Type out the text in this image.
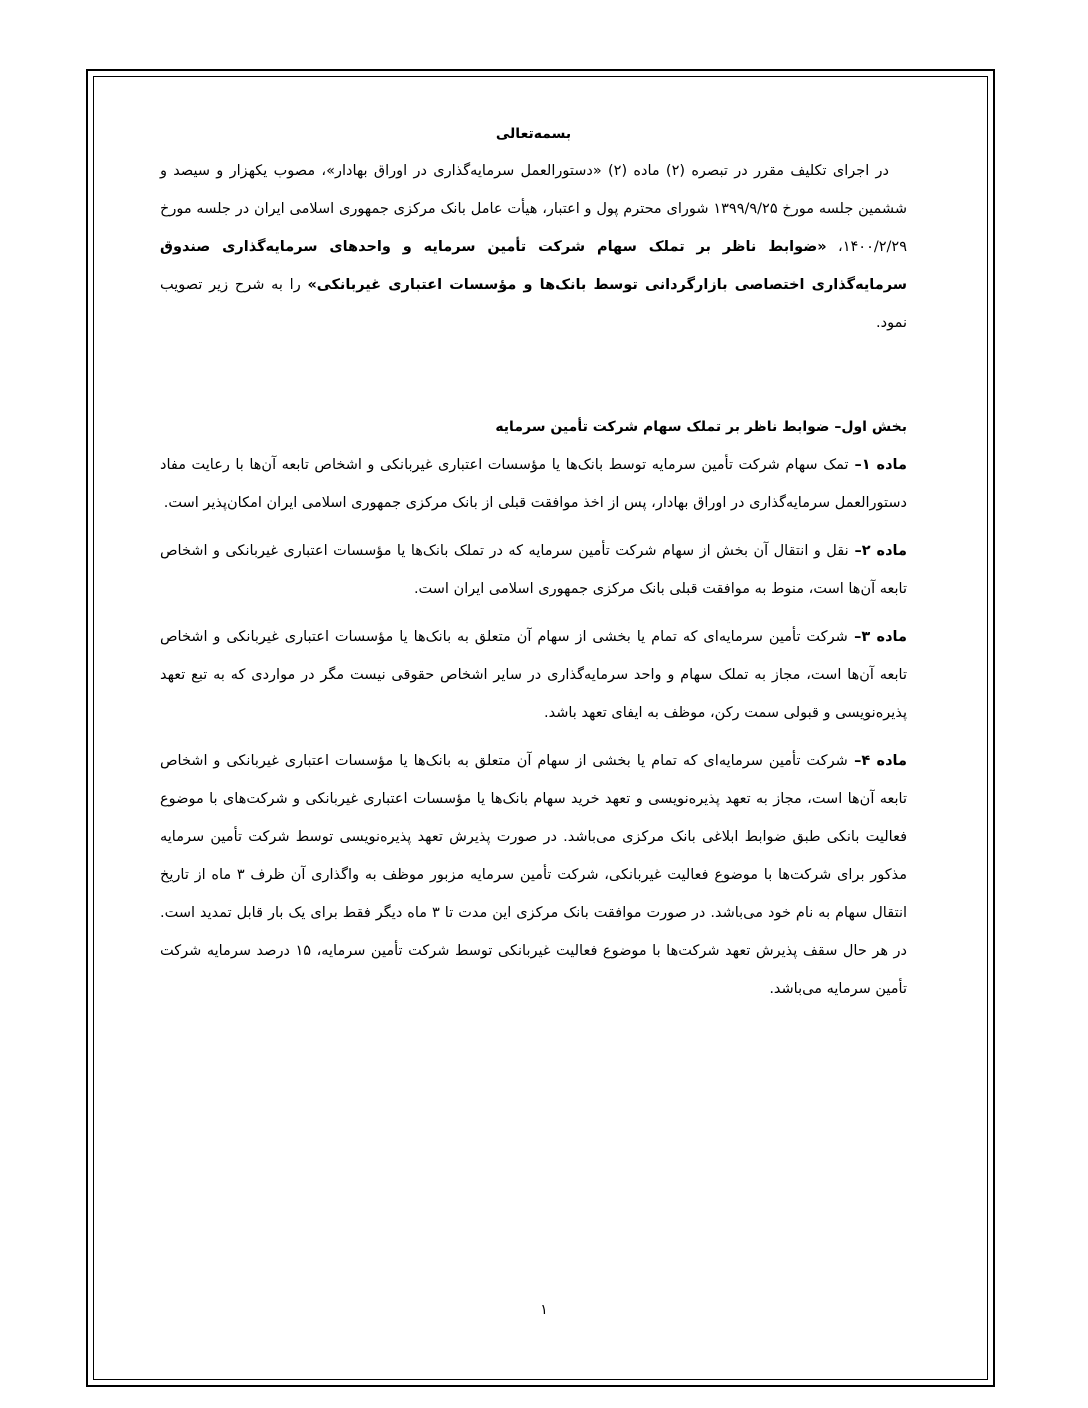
بسمه‌تعالی

در اجرای تکلیف مقرر در تبصره (۲) ماده (۲) «دستورالعمل سرمایه‌گذاری در اوراق بهادار»، مصوب یکهزار و سیصد و ششمین جلسه مورخ ۱۳۹۹/۹/۲۵ شورای محترم پول و اعتبار، هیأت عامل بانک مرکزی جمهوری اسلامی ایران در جلسه مورخ ۱۴۰۰/۲/۲۹، «ضوابط ناظر بر تملک سهام شرکت تأمین سرمایه و واحدهای سرمایه‌گذاری صندوق سرمایه‌گذاری اختصاصی بازارگردانی توسط بانک‌ها و مؤسسات اعتباری غیربانکی» را به شرح زیر تصویب نمود.

بخش اول– ضوابط ناظر بر تملک سهام شرکت تأمین سرمایه

ماده ۱– تمک سهام شرکت تأمین سرمایه توسط بانک‌ها یا مؤسسات اعتباری غیربانکی و اشخاص تابعه آن‌ها با رعایت مفاد دستورالعمل سرمایه‌گذاری در اوراق بهادار، پس از اخذ موافقت قبلی از بانک مرکزی جمهوری اسلامی ایران امکان‌پذیر است.

ماده ۲– نقل و انتقال آن بخش از سهام شرکت تأمین سرمایه که در تملک بانک‌ها یا مؤسسات اعتباری غیربانکی و اشخاص تابعه آن‌ها است، منوط به موافقت قبلی بانک مرکزی جمهوری اسلامی ایران است.

ماده ۳– شرکت تأمین سرمایه‌ای که تمام یا بخشی از سهام آن متعلق به بانک‌ها یا مؤسسات اعتباری غیربانکی و اشخاص تابعه آن‌ها است، مجاز به تملک سهام و واحد سرمایه‌گذاری در سایر اشخاص حقوقی نیست مگر در مواردی که به تبع تعهد پذیره‌نویسی و قبولی سمت رکن، موظف به ایفای تعهد باشد.

ماده ۴– شرکت تأمین سرمایه‌ای که تمام یا بخشی از سهام آن متعلق به بانک‌ها یا مؤسسات اعتباری غیربانکی و اشخاص تابعه آن‌ها است، مجاز به تعهد پذیره‌نویسی و تعهد خرید سهام بانک‌ها یا مؤسسات اعتباری غیربانکی و شرکت‌های با موضوع فعالیت بانکی طبق ضوابط ابلاغی بانک مرکزی می‌باشد. در صورت پذیرش تعهد پذیره‌نویسی توسط شرکت تأمین سرمایه مذکور برای شرکت‌ها با موضوع فعالیت غیربانکی، شرکت تأمین سرمایه مزبور موظف به واگذاری آن ظرف ۳ ماه از تاریخ انتقال سهام به نام خود می‌باشد. در صورت موافقت بانک مرکزی این مدت تا ۳ ماه دیگر فقط برای یک بار قابل تمدید است. در هر حال سقف پذیرش تعهد شرکت‌ها با موضوع فعالیت غیربانکی توسط شرکت تأمین سرمایه، ۱۵ درصد سرمایه شرکت تأمین سرمایه می‌باشد.

۱
